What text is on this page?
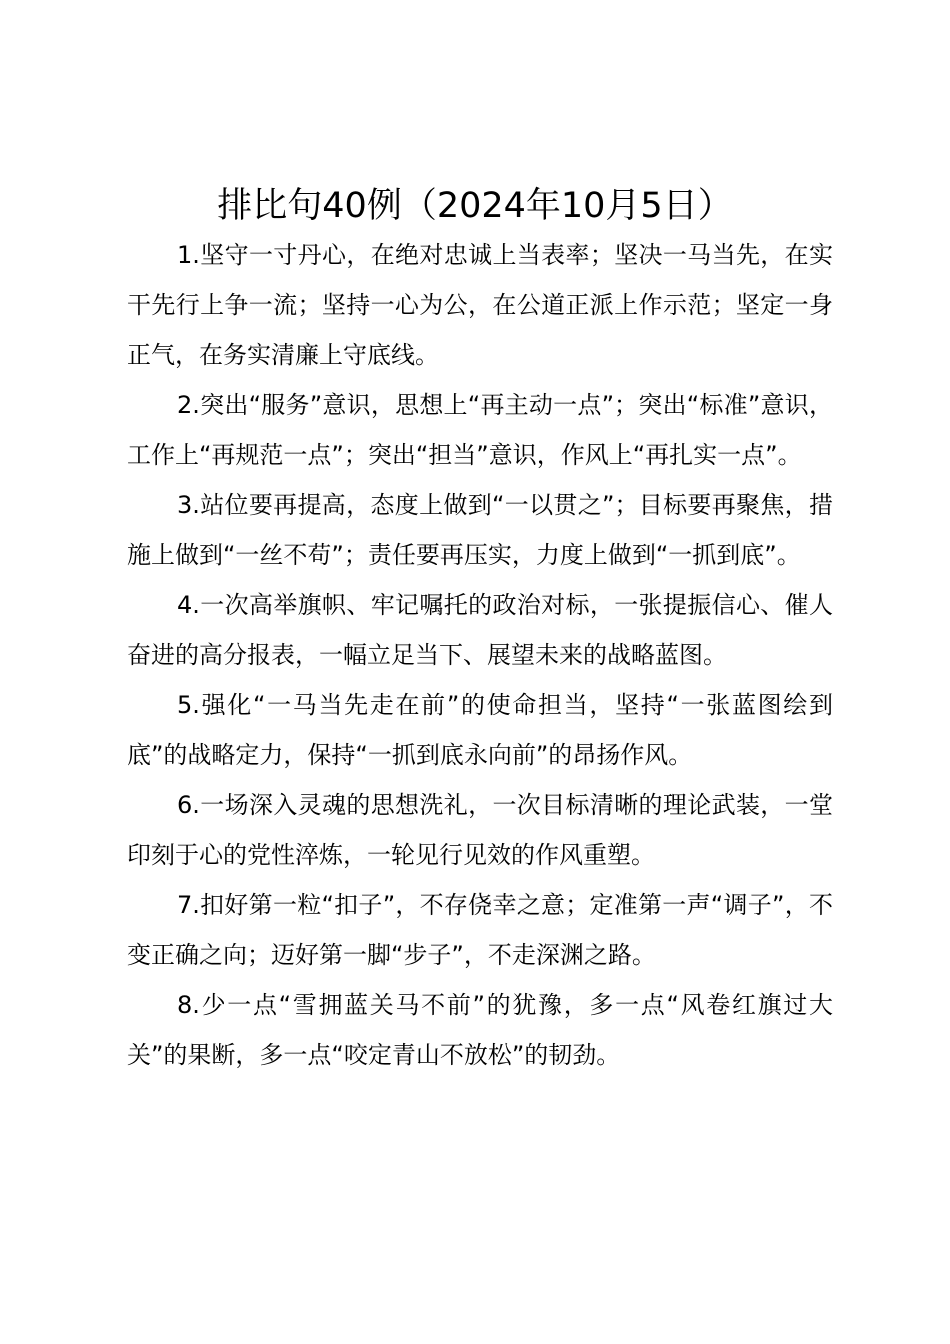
排比句40例（2024年10月5日）

1.坚守一寸丹心，在绝对忠诚上当表率；坚决一马当先，在实干先行上争一流；坚持一心为公，在公道正派上作示范；坚定一身正气，在务实清廉上守底线。

2.突出“服务”意识，思想上“再主动一点”；突出“标准”意识，工作上“再规范一点”；突出“担当”意识，作风上“再扎实一点”。

3.站位要再提高，态度上做到“一以贯之”；目标要再聚焦，措施上做到“一丝不苟”；责任要再压实，力度上做到“一抓到底”。

4.一次高举旗帜、牢记嘱托的政治对标，一张提振信心、催人奋进的高分报表，一幅立足当下、展望未来的战略蓝图。

5.强化“一马当先走在前”的使命担当，坚持“一张蓝图绘到底”的战略定力，保持“一抓到底永向前”的昂扬作风。

6.一场深入灵魂的思想洗礼，一次目标清晰的理论武装，一堂印刻于心的党性淬炼，一轮见行见效的作风重塑。

7.扣好第一粒“扣子”，不存侥幸之意；定准第一声“调子”，不变正确之向；迈好第一脚“步子”，不走深渊之路。

8.少一点“雪拥蓝关马不前”的犹豫，多一点“风卷红旗过大关”的果断，多一点“咬定青山不放松”的韧劲。
